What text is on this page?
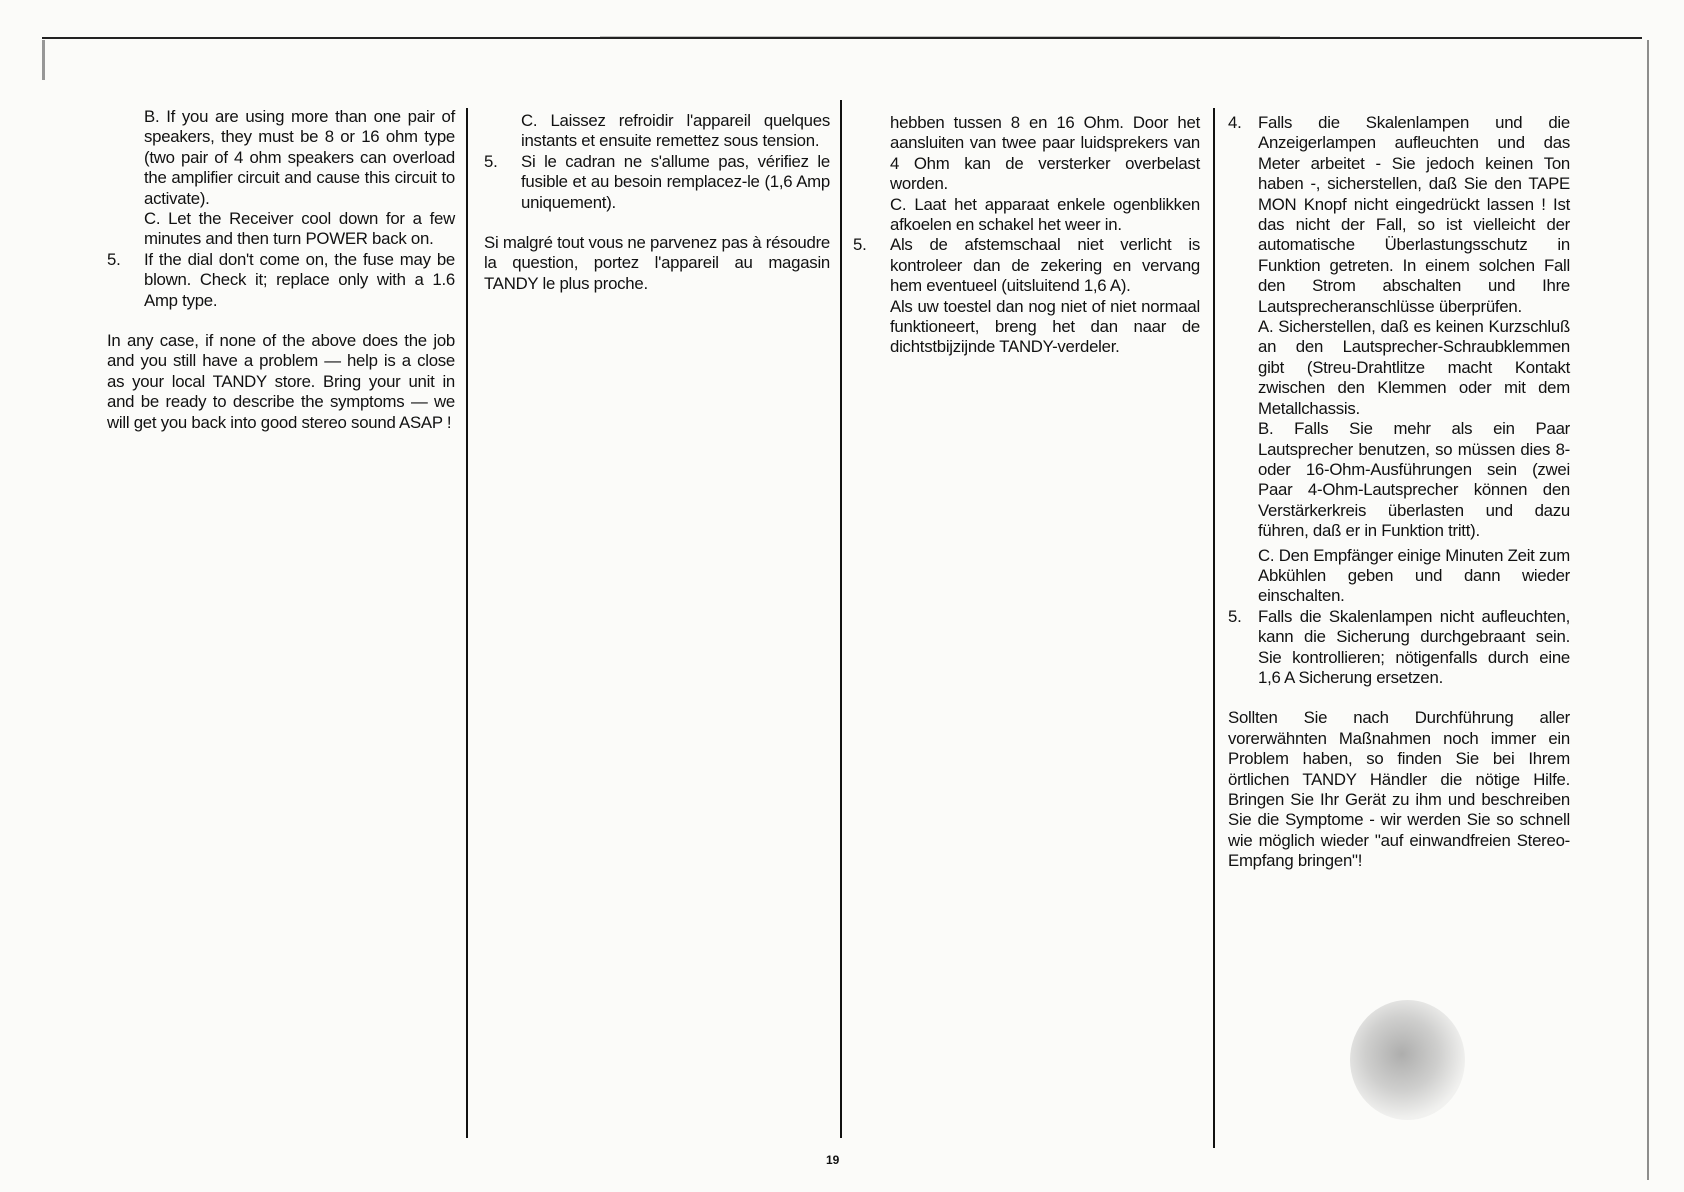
B. If you are using more than one pair of speakers, they must be 8 or 16 ohm type (two pair of 4 ohm speakers can overload the amplifier circuit and cause this circuit to activate).

C. Let the Receiver cool down for a few minutes and then turn POWER back on.

5.	If the dial don't come on, the fuse may be blown. Check it; replace only with a 1.6 Amp type.

In any case, if none of the above does the job and you still have a problem — help is a close as your local TANDY store. Bring your unit in and be ready to describe the symptoms — we will get you back into good stereo sound ASAP !

C. Laissez refroidir l'appareil quelques instants et ensuite remettez sous tension.

5.	Si le cadran ne s'allume pas, vérifiez le fusible et au besoin remplacez-le (1,6 Amp uniquement).

Si malgré tout vous ne parvenez pas à résoudre la question, portez l'appareil au magasin TANDY le plus proche.

hebben tussen 8 en 16 Ohm. Door het aansluiten van twee paar luidsprekers van 4 Ohm kan de versterker overbelast worden.

C. Laat het apparaat enkele ogenblikken afkoelen en schakel het weer in.

5.	Als de afstemschaal niet verlicht is kontroleer dan de zekering en vervang hem eventueel (uitsluitend 1,6 A).

Als uw toestel dan nog niet of niet normaal funktioneert, breng het dan naar de dichtstbijzijnde TANDY-verdeler.

4. Falls die Skalenlampen und die Anzeigerlampen aufleuchten und das Meter arbeitet - Sie jedoch keinen Ton haben -, sicherstellen, daß Sie den TAPE MON Knopf nicht eingedrückt lassen ! Ist das nicht der Fall, so ist vielleicht der automatische Überlastungsschutz in Funktion getreten. In einem solchen Fall den Strom abschalten und Ihre Lautsprecheranschlüsse überprüfen.

A. Sicherstellen, daß es keinen Kurzschluß an den Lautsprecher-Schraubklemmen gibt (Streu-Drahtlitze macht Kontakt zwischen den Klemmen oder mit dem Metallchassis.

B. Falls Sie mehr als ein Paar Lautsprecher benutzen, so müssen dies 8- oder 16-Ohm-Ausführungen sein (zwei Paar 4-Ohm-Lautsprecher können den Verstärkerkreis überlasten und dazu führen, daß er in Funktion tritt).

C. Den Empfänger einige Minuten Zeit zum Abkühlen geben und dann wieder einschalten.

5. Falls die Skalenlampen nicht aufleuchten, kann die Sicherung durchgebraant sein. Sie kontrollieren; nötigenfalls durch eine 1,6 A Sicherung ersetzen.

Sollten Sie nach Durchführung aller vorerwähnten Maßnahmen noch immer ein Problem haben, so finden Sie bei Ihrem örtlichen TANDY Händler die nötige Hilfe. Bringen Sie Ihr Gerät zu ihm und beschreiben Sie die Symptome - wir werden Sie so schnell wie möglich wieder "auf einwandfreien Stereo-Empfang bringen"!

19
